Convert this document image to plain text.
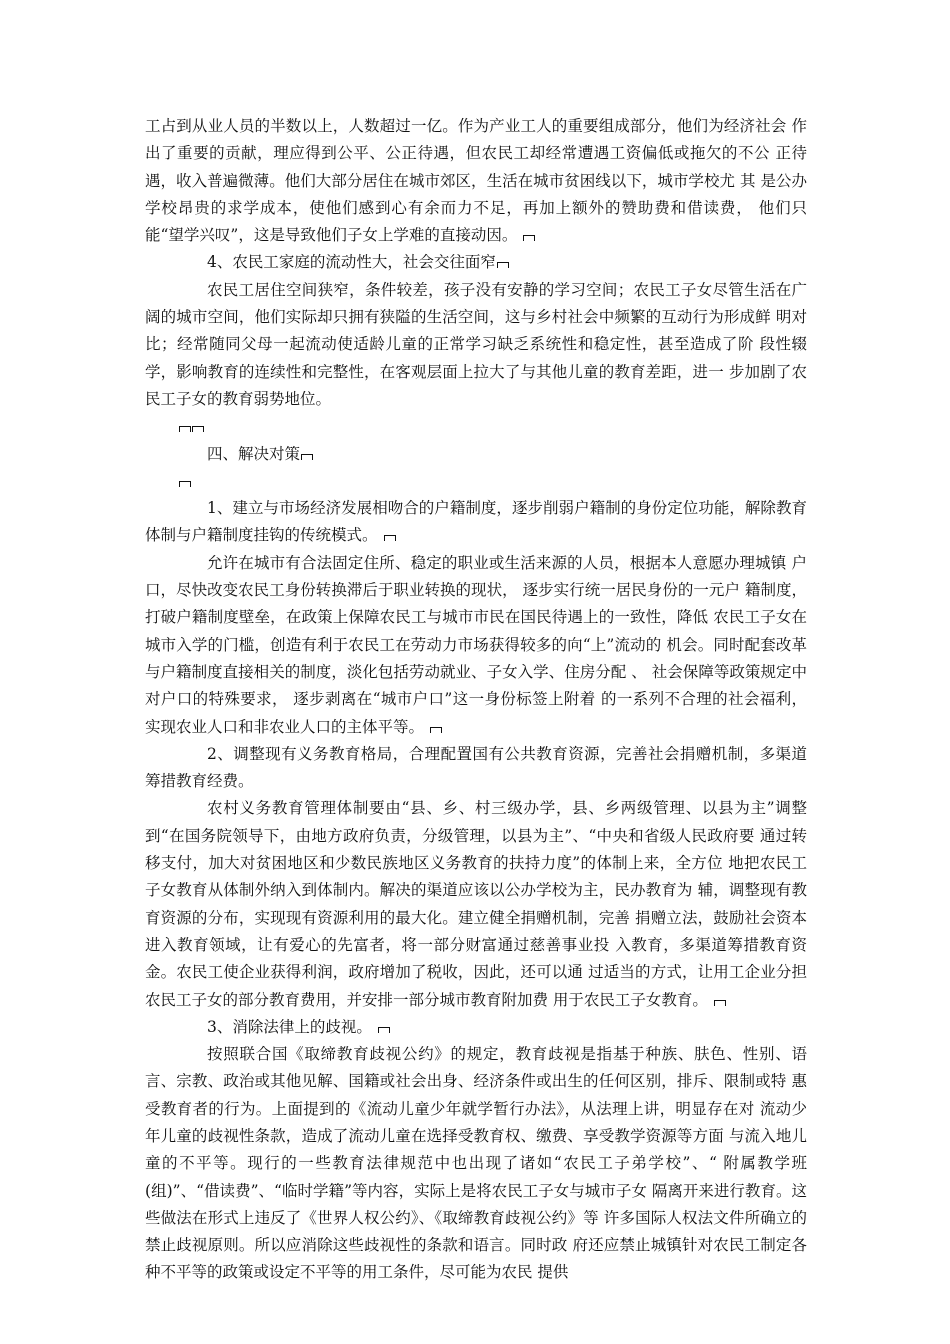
工占到从业人员的半数以上，人数超过一亿。作为产业工人的重要组成部分，他们为经济社会 作出了重要的贡献，理应得到公平、公正待遇，但农民工却经常遭遇工资偏低或拖欠的不公 正待遇，收入普遍微薄。他们大部分居住在城市郊区，生活在城市贫困线以下，城市学校尤 其 是公办学校昂贵的求学成本，使他们感到心有余而力不足，再加上额外的赞助费和借读费， 他们只能“望学兴叹”，这是导致他们子女上学难的直接动因。

4、农民工家庭的流动性大，社会交往面窄

农民工居住空间狭窄，条件较差，孩子没有安静的学习空间；农民工子女尽管生活在广 阔的城市空间，他们实际却只拥有狭隘的生活空间，这与乡村社会中频繁的互动行为形成鲜 明对比；经常随同父母一起流动使适龄儿童的正常学习缺乏系统性和稳定性，甚至造成了阶 段性辍学，影响教育的连续性和完整性，在客观层面上拉大了与其他儿童的教育差距，进一 步加剧了农民工子女的教育弱势地位。

四、解决对策

1、建立与市场经济发展相吻合的户籍制度，逐步削弱户籍制的身份定位功能，解除教育 体制与户籍制度挂钩的传统模式。

允许在城市有合法固定住所、稳定的职业或生活来源的人员，根据本人意愿办理城镇 户口，尽快改变农民工身份转换滞后于职业转换的现状， 逐步实行统一居民身份的一元户 籍制度，打破户籍制度壁垒，在政策上保障农民工与城市市民在国民待遇上的一致性，降低 农民工子女在城市入学的门槛，创造有利于农民工在劳动力市场获得较多的向“上”流动的 机会。同时配套改革与户籍制度直接相关的制度，淡化包括劳动就业、子女入学、住房分配 、 社会保障等政策规定中对户口的特殊要求， 逐步剥离在“城市户口”这一身份标签上附着 的一系列不合理的社会福利， 实现农业人口和非农业人口的主体平等。

2、调整现有义务教育格局，合理配置国有公共教育资源，完善社会捐赠机制，多渠道 筹措教育经费。

农村义务教育管理体制要由“县、乡、村三级办学，县、乡两级管理、以县为主”调整 到“在国务院领导下，由地方政府负责，分级管理，以县为主”、“中央和省级人民政府要 通过转移支付，加大对贫困地区和少数民族地区义务教育的扶持力度”的体制上来，全方位 地把农民工子女教育从体制外纳入到体制内。解决的渠道应该以公办学校为主，民办教育为 辅，调整现有教育资源的分布，实现现有资源利用的最大化。建立健全捐赠机制，完善 捐赠立法，鼓励社会资本进入教育领域，让有爱心的先富者，将一部分财富通过慈善事业投 入教育，多渠道筹措教育资金。农民工使企业获得利润，政府增加了税收，因此，还可以通 过适当的方式，让用工企业分担农民工子女的部分教育费用，并安排一部分城市教育附加费 用于农民工子女教育。

3、消除法律上的歧视。

按照联合国《取缔教育歧视公约》的规定，教育歧视是指基于种族、肤色、性别、语言、宗教、政治或其他见解、国籍或社会出身、经济条件或出生的任何区别，排斥、限制或特 惠受教育者的行为。上面提到的《流动儿童少年就学暂行办法》，从法理上讲，明显存在对 流动少年儿童的歧视性条款，造成了流动儿童在选择受教育权、缴费、享受教学资源等方面 与流入地儿童的不平等。现行的一些教育法律规范中也出现了诸如“农民工子弟学校”、“ 附属教学班(组)”、“借读费”、“临时学籍”等内容，实际上是将农民工子女与城市子女 隔离开来进行教育。这些做法在形式上违反了《世界人权公约》、《取缔教育歧视公约》等 许多国际人权法文件所确立的禁止歧视原则。所以应消除这些歧视性的条款和语言。同时政 府还应禁止城镇针对农民工制定各种不平等的政策或设定不平等的用工条件，尽可能为农民 提供
